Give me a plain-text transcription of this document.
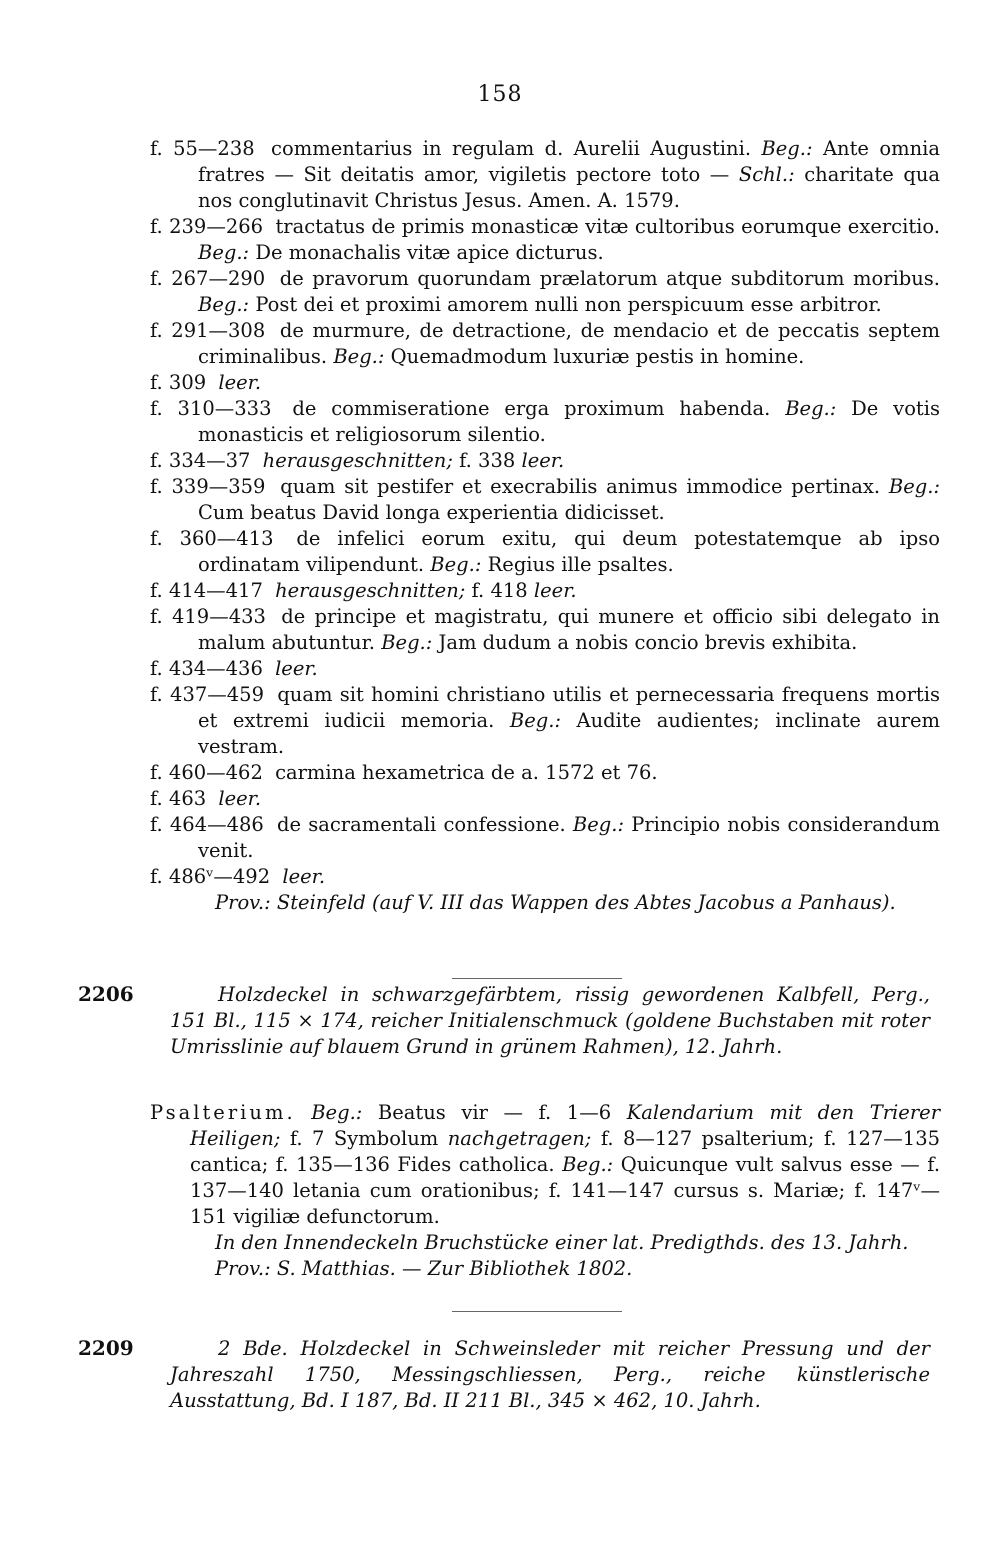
158
f. 55—238 commentarius in regulam d. Aurelii Augustini. Beg.: Ante omnia fratres — Sit deitatis amor, vigiletis pectore toto — Schl.: charitate qua nos conglutinavit Christus Jesus. Amen. A. 1579.
f. 239—266 tractatus de primis monasticæ vitæ cultoribus eorumque exercitio. Beg.: De monachalis vitæ apice dicturus.
f. 267—290 de pravorum quorundam prælatorum atque subditorum moribus. Beg.: Post dei et proximi amorem nulli non perspicuum esse arbitror.
f. 291—308 de murmure, de detractione, de mendacio et de peccatis septem criminalibus. Beg.: Quemadmodum luxuriæ pestis in homine.
f. 309 leer.
f. 310—333 de commiseratione erga proximum habenda. Beg.: De votis monasticis et religiosorum silentio.
f. 334—37 herausgeschnitten; f. 338 leer.
f. 339—359 quam sit pestifer et execrabilis animus immodice pertinax. Beg.: Cum beatus David longa experientia didicisset.
f. 360—413 de infelici eorum exitu, qui deum potestatemque ab ipso ordinatam vilipendunt. Beg.: Regius ille psaltes.
f. 414—417 herausgeschnitten; f. 418 leer.
f. 419—433 de principe et magistratu, qui munere et officio sibi delegato in malum abutuntur. Beg.: Jam dudum a nobis concio brevis exhibita.
f. 434—436 leer.
f. 437—459 quam sit homini christiano utilis et pernecessaria frequens mortis et extremi iudicii memoria. Beg.: Audite audientes; inclinate aurem vestram.
f. 460—462 carmina hexametrica de a. 1572 et 76.
f. 463 leer.
f. 464—486 de sacramentali confessione. Beg.: Principio nobis considerandum venit.
f. 486ᵛ—492 leer.
Prov.: Steinfeld (auf V. III das Wappen des Abtes Jacobus a Panhaus).
2206	Holzdeckel in schwarzgefärbtem, rissig gewordenen Kalbfell, Perg., 151 Bl., 115 × 174, reicher Initialenschmuck (goldene Buchstaben mit roter Umrisslinie auf blauem Grund in grünem Rahmen), 12. Jahrh.
Psalterium. Beg.: Beatus vir — f. 1—6 Kalendarium mit den Trierer Heiligen; f. 7 Symbolum nachgetragen; f. 8—127 psalterium; f. 127—135 cantica; f. 135—136 Fides catholica. Beg.: Quicunque vult salvus esse — f. 137—140 letania cum orationibus; f. 141—147 cursus s. Mariæ; f. 147ᵛ—151 vigiliæ defunctorum.
In den Innendeckeln Bruchstücke einer lat. Predigthds. des 13. Jahrh.
Prov.: S. Matthias. — Zur Bibliothek 1802.
2209	2 Bde. Holzdeckel in Schweinsleder mit reicher Pressung und der Jahreszahl 1750, Messingschliessen, Perg., reiche künstlerische Ausstattung, Bd. I 187, Bd. II 211 Bl., 345 × 462, 10. Jahrh.
